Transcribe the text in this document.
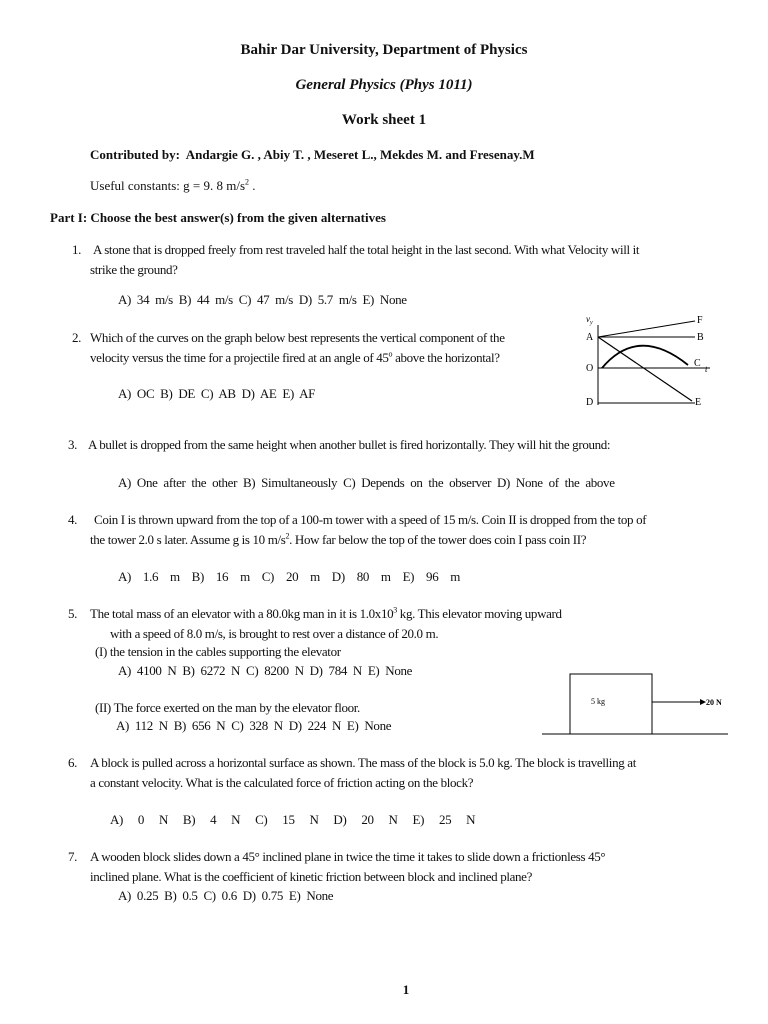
Bahir Dar University, Department of Physics
General Physics (Phys 1011)
Work sheet 1
Contributed by: Andargie G. , Abiy T. , Meseret L., Mekdes M. and Fresenay.M
Useful constants: g = 9. 8 $m/s^2$ .
Part I: Choose the best answer(s) from the given alternatives
1. A stone that is dropped freely from rest traveled half the total height in the last second. With what Velocity will it
strike the ground?
A) 34 m/s B) 44 m/s C) 47 m/s D) 5.7 m/s E) None
2. Which of the curves on the graph below best represents the vertical component of the
velocity versus the time for a projectile fired at an angle of 45$^o$ above the horizontal?
A) OC B) DE C) AB D) AE E) AF
$v_y$
A
O
D
F
B
C t
E
3. A bullet is dropped from the same height when another bullet is fired horizontally. They will hit the ground:
A) One after the other B) Simultaneously C) Depends on the observer D) None of the above
4. Coin I is thrown upward from the top of a 100-m tower with a speed of 15 m/s. Coin II is dropped from the top of
the tower 2.0 s later. Assume g is 10 $m/s^2$. How far below the top of the tower does coin I pass coin II?
A) 1.6 m B) 16 m C) 20 m D) 80 m E) 96 m
5. The total mass of an elevator with a 80.0kg man in it is $1.0x10^3$ kg. This elevator moving upward
with a speed of 8.0 m/s, is brought to rest over a distance of 20.0 m.
(I) the tension in the cables supporting the elevator
A) 4100 N B) 6272 N C) 8200 N D) 784 N E) None
(II) The force exerted on the man by the elevator floor.
A) 112 N B) 656 N C) 328 N D) 224 N E) None
5 kg	20 N
6. A block is pulled across a horizontal surface as shown. The mass of the block is 5.0 kg. The block is travelling at
a constant velocity. What is the calculated force of friction acting on the block?
A) 0 N B) 4 N C) 15 N D) 20 N E) 25 N
7. A wooden block slides down a 45° inclined plane in twice the time it takes to slide down a frictionless 45°
inclined plane. What is the coefficient of kinetic friction between block and inclined plane?
A) 0.25 B) 0.5 C) 0.6 D) 0.75 E) None
1
